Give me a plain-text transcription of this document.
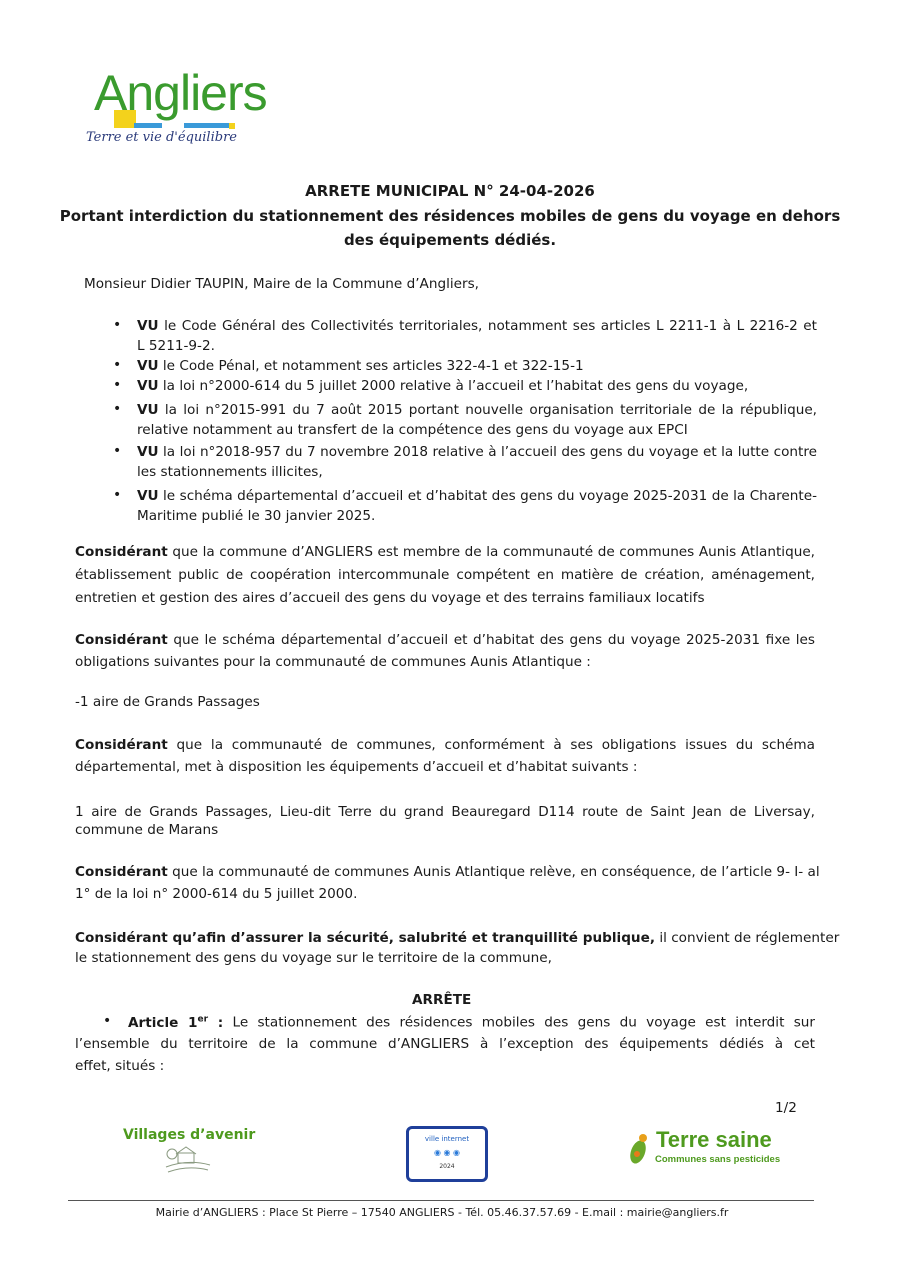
Angliers
Terre et vie d'équilibre
ARRETE MUNICIPAL N° 24-04-2026
Portant interdiction du stationnement des résidences mobiles de gens du voyage en dehors
des équipements dédiés.
Monsieur Didier TAUPIN, Maire de la Commune d’Angliers,
• VU le Code Général des Collectivités territoriales, notamment ses articles L 2211-1 à L 2216-2 et
L 5211-9-2.
• VU le Code Pénal, et notamment ses articles 322-4-1 et 322-15-1
• VU la loi n°2000-614 du 5 juillet 2000 relative à l’accueil et l’habitat des gens du voyage,
• VU la loi n°2015-991 du 7 août 2015 portant nouvelle organisation territoriale de la république,
relative notamment au transfert de la compétence des gens du voyage aux EPCI
• VU la loi n°2018-957 du 7 novembre 2018 relative à l’accueil des gens du voyage et la lutte contre
les stationnements illicites,
• VU le schéma départemental d’accueil et d’habitat des gens du voyage 2025-2031 de la Charente-
Maritime publié le 30 janvier 2025.
Considérant que la commune d’ANGLIERS est membre de la communauté de communes Aunis Atlantique,
établissement public de coopération intercommunale compétent en matière de création, aménagement,
entretien et gestion des aires d’accueil des gens du voyage et des terrains familiaux locatifs
Considérant que le schéma départemental d’accueil et d’habitat des gens du voyage 2025-2031 fixe les
obligations suivantes pour la communauté de communes Aunis Atlantique :
-1 aire de Grands Passages
Considérant que la communauté de communes, conformément à ses obligations issues du schéma
départemental, met à disposition les équipements d’accueil et d’habitat suivants :
1 aire de Grands Passages, Lieu-dit Terre du grand Beauregard D114 route de Saint Jean de Liversay,
commune de Marans
Considérant que la communauté de communes Aunis Atlantique relève, en conséquence, de l’article 9- I- al
1° de la loi n° 2000-614 du 5 juillet 2000.
Considérant qu’afin d’assurer la sécurité, salubrité et tranquillité publique, il convient de réglementer
le stationnement des gens du voyage sur le territoire de la commune,
ARRÊTE
• Article 1er : Le stationnement des résidences mobiles des gens du voyage est interdit sur
l’ensemble du territoire de la commune d’ANGLIERS à l’exception des équipements dédiés à cet
effet, situés :
1/2
Villages d’avenir	ville internet
◉ ◉ ◉
2024
Terre saine
Communes sans pesticides
Mairie d’ANGLIERS : Place St Pierre – 17540 ANGLIERS - Tél. 05.46.37.57.69 - E.mail : mairie@angliers.fr
